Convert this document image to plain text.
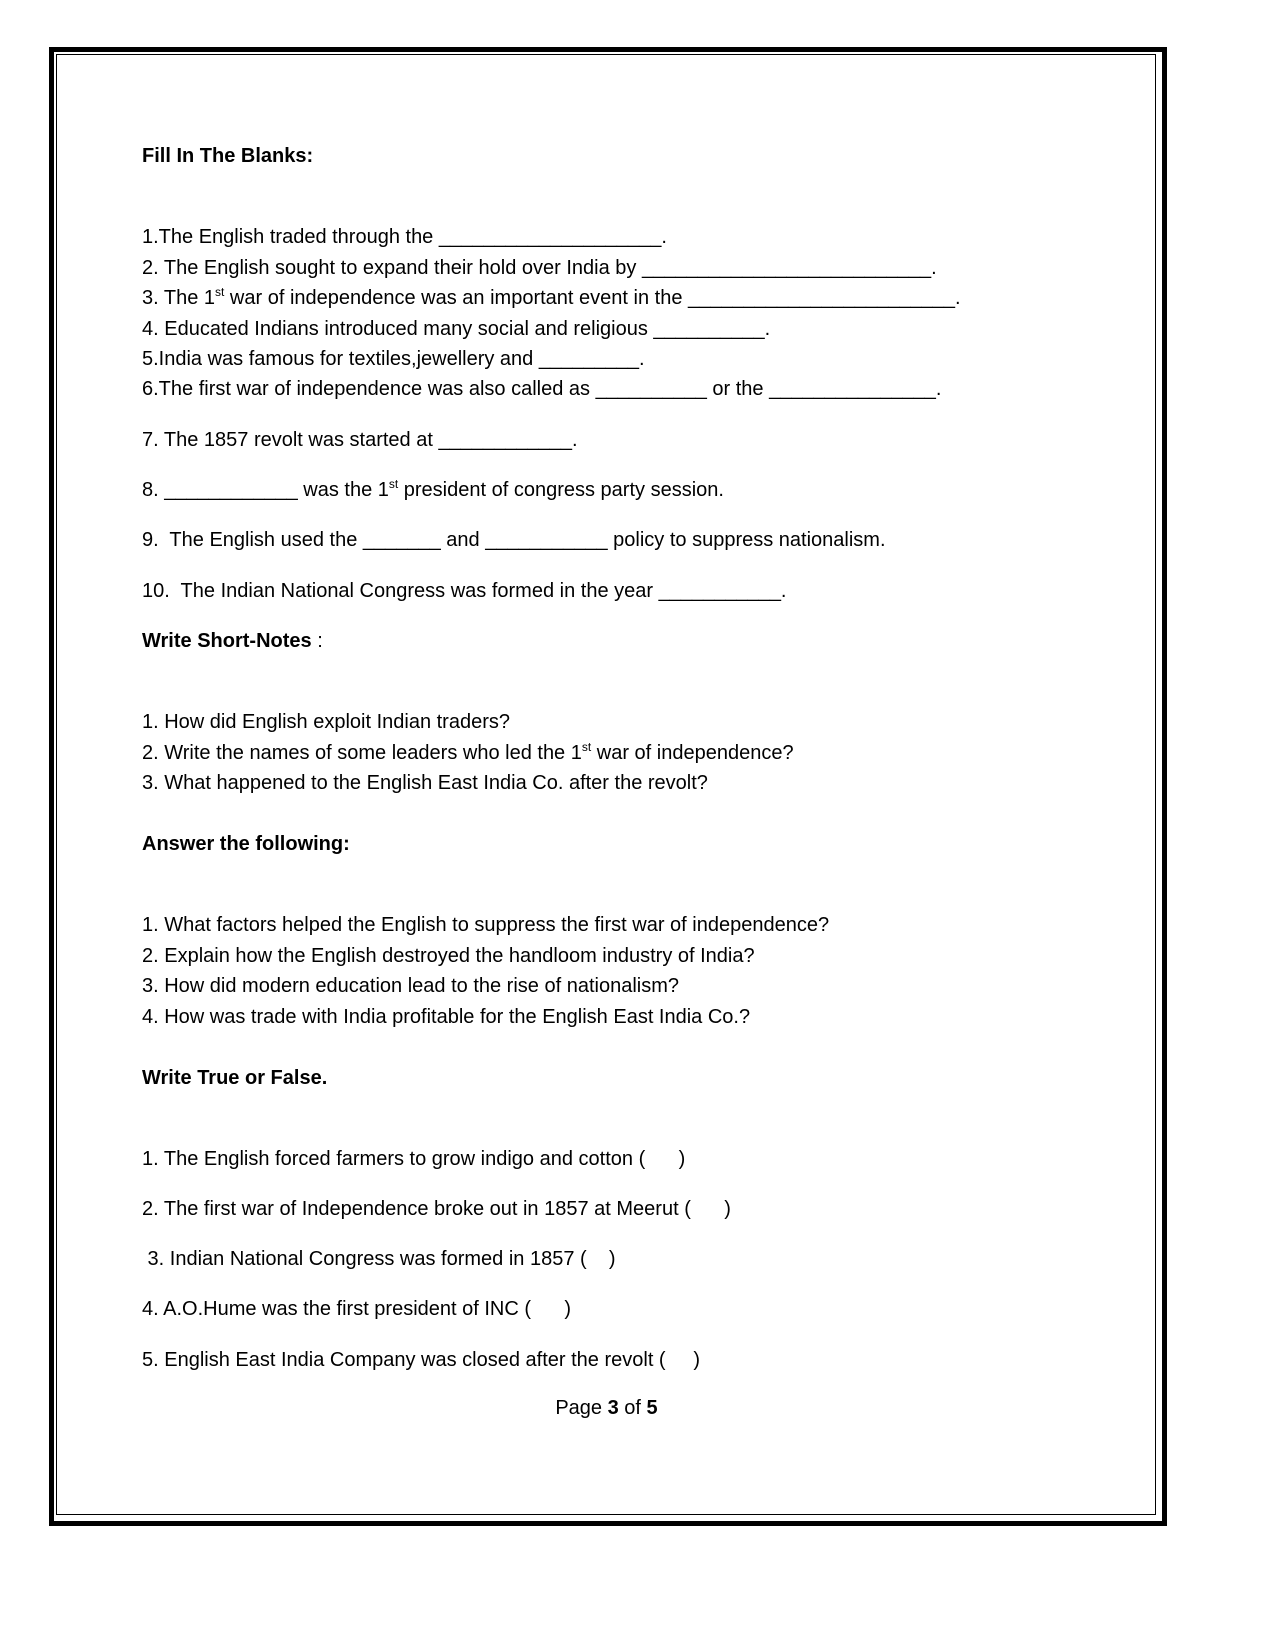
Fill In The Blanks:
1.The English traded through the ____________________.
2. The English sought to expand their hold over India by __________________________.
3. The 1st war of independence was an important event in the ________________________.
4. Educated Indians introduced many social and religious __________.
5.India was famous for textiles,jewellery and _________.
6.The first war of independence was also called as __________ or the _______________.
7. The 1857 revolt was started at ____________.
8. ____________ was the 1st president of congress party session.
9.  The English used the _______ and ___________ policy to suppress nationalism.
10.  The Indian National Congress was formed in the year ___________.
Write Short-Notes :
1. How did English exploit Indian traders?
2. Write the names of some leaders who led the 1st war of independence?
3. What happened to the English East India Co. after the revolt?
Answer the following:
1. What factors helped the English to suppress the first war of independence?
2. Explain how the English destroyed the handloom industry of India?
3. How did modern education lead to the rise of nationalism?
4. How was trade with India profitable for the English East India Co.?
Write True or False.
1. The English forced farmers to grow indigo and cotton (      )
2. The first war of Independence broke out in 1857 at Meerut (      )
3. Indian National Congress was formed in 1857 (    )
4. A.O.Hume was the first president of INC (      )
5. English East India Company was closed after the revolt (     )
Page 3 of 5
